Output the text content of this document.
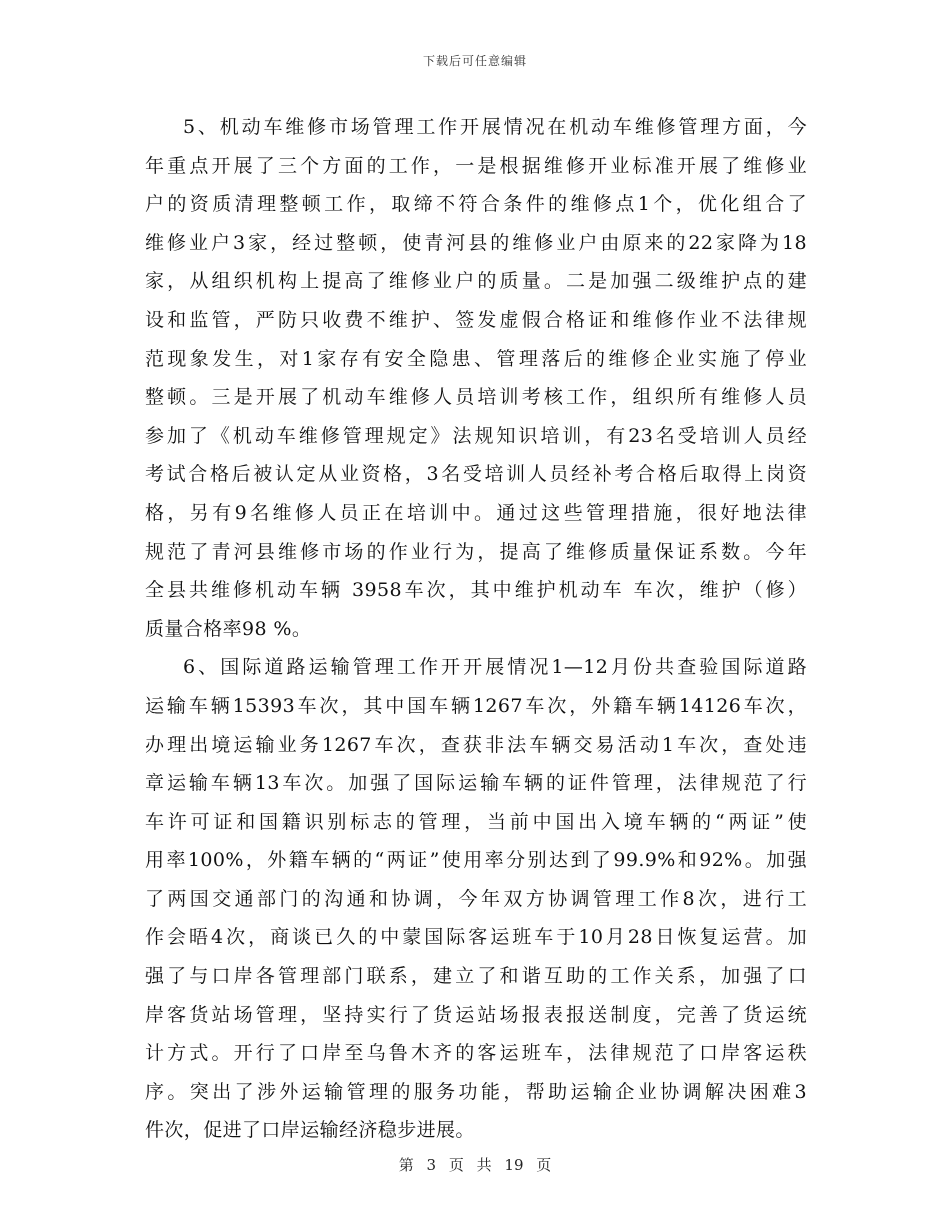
下载后可任意编辑
5、机动车维修市场管理工作开展情况在机动车维修管理方面，今
年重点开展了三个方面的工作，一是根据维修开业标准开展了维修业
户的资质清理整顿工作，取缔不符合条件的维修点1个，优化组合了
维修业户3家，经过整顿，使青河县的维修业户由原来的22家降为18
家，从组织机构上提高了维修业户的质量。二是加强二级维护点的建
设和监管，严防只收费不维护、签发虚假合格证和维修作业不法律规
范现象发生，对1家存有安全隐患、管理落后的维修企业实施了停业
整顿。三是开展了机动车维修人员培训考核工作，组织所有维修人员
参加了《机动车维修管理规定》法规知识培训，有23名受培训人员经
考试合格后被认定从业资格，3名受培训人员经补考合格后取得上岗资
格，另有9名维修人员正在培训中。通过这些管理措施，很好地法律
规范了青河县维修市场的作业行为，提高了维修质量保证系数。今年
全县共维修机动车辆 3958车次，其中维护机动车 车次，维护（修）
质量合格率98 %。
6、国际道路运输管理工作开开展情况1—12月份共查验国际道路
运输车辆15393车次，其中国车辆1267车次，外籍车辆14126车次，
办理出境运输业务1267车次，查获非法车辆交易活动1车次，查处违
章运输车辆13车次。加强了国际运输车辆的证件管理，法律规范了行
车许可证和国籍识别标志的管理，当前中国出入境车辆的“两证”使
用率100%，外籍车辆的“两证”使用率分别达到了99.9%和92%。加强
了两国交通部门的沟通和协调，今年双方协调管理工作8次，进行工
作会晤4次，商谈已久的中蒙国际客运班车于10月28日恢复运营。加
强了与口岸各管理部门联系，建立了和谐互助的工作关系，加强了口
岸客货站场管理，坚持实行了货运站场报表报送制度，完善了货运统
计方式。开行了口岸至乌鲁木齐的客运班车，法律规范了口岸客运秩
序。突出了涉外运输管理的服务功能，帮助运输企业协调解决困难3
件次，促进了口岸运输经济稳步进展。
第 3 页 共 19 页
